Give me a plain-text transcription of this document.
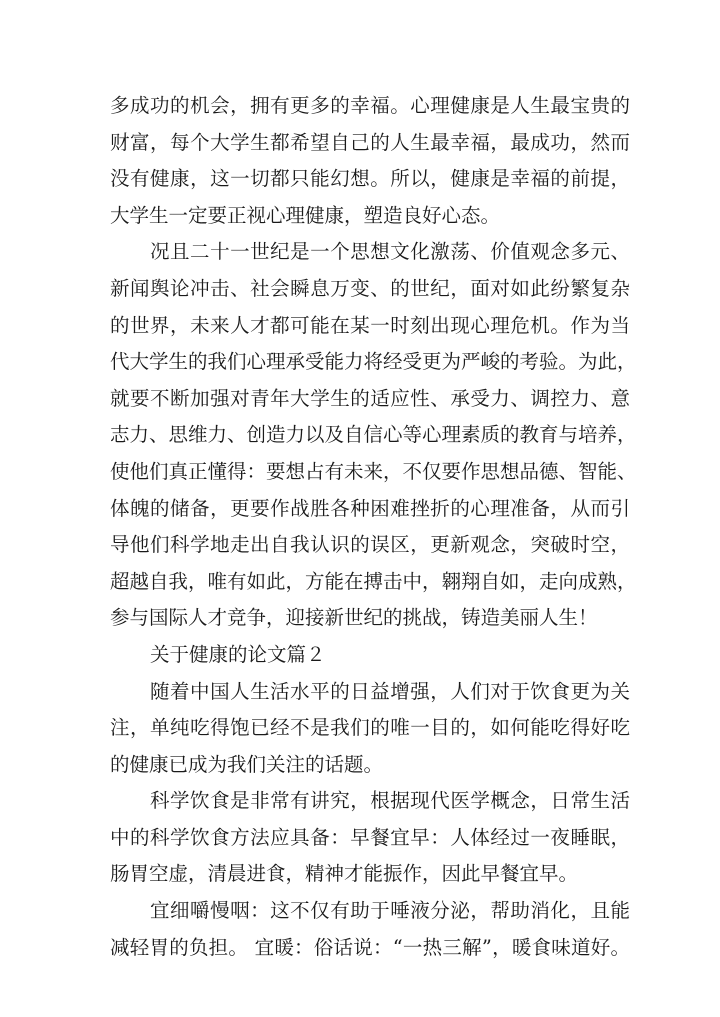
多成功的机会，拥有更多的幸福。心理健康是人生最宝贵的
财富，每个大学生都希望自己的人生最幸福，最成功，然而
没有健康，这一切都只能幻想。所以，健康是幸福的前提，
大学生一定要正视心理健康，塑造良好心态。
况且二十一世纪是一个思想文化激荡、价值观念多元、
新闻舆论冲击、社会瞬息万变、的世纪，面对如此纷繁复杂
的世界，未来人才都可能在某一时刻出现心理危机。作为当
代大学生的我们心理承受能力将经受更为严峻的考验。为此，
就要不断加强对青年大学生的适应性、承受力、调控力、意
志力、思维力、创造力以及自信心等心理素质的教育与培养，
使他们真正懂得：要想占有未来，不仅要作思想品德、智能、
体魄的储备，更要作战胜各种困难挫折的心理准备，从而引
导他们科学地走出自我认识的误区，更新观念，突破时空，
超越自我，唯有如此，方能在搏击中，翱翔自如，走向成熟，
参与国际人才竞争，迎接新世纪的挑战，铸造美丽人生！
关于健康的论文篇２
随着中国人生活水平的日益增强，人们对于饮食更为关
注，单纯吃得饱已经不是我们的唯一目的，如何能吃得好吃
的健康已成为我们关注的话题。
科学饮食是非常有讲究，根据现代医学概念，日常生活
中的科学饮食方法应具备：早餐宜早：人体经过一夜睡眠，
肠胃空虚，清晨进食，精神才能振作，因此早餐宜早。
宜细嚼慢咽：这不仅有助于唾液分泌，帮助消化，且能
减轻胃的负担。 宜暖：俗话说：“一热三解”，暖食味道好。
